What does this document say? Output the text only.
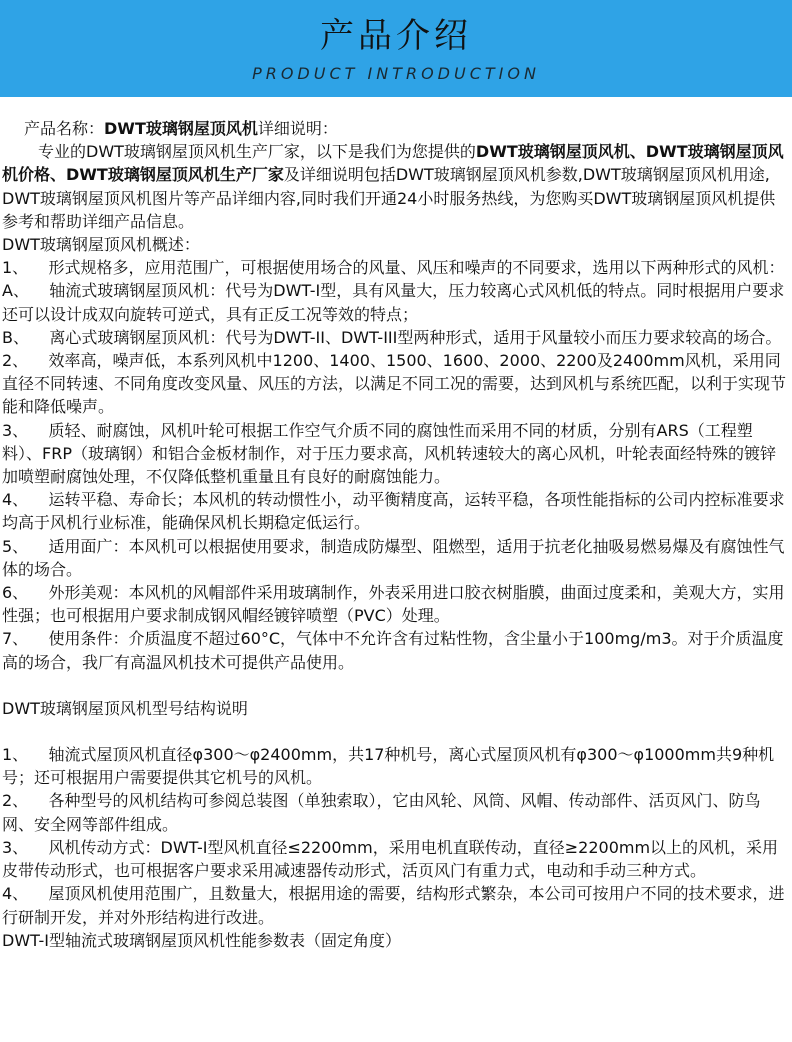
产品介绍
PRODUCT INTRODUCTION

产品名称：DWT玻璃钢屋顶风机详细说明：

专业的DWT玻璃钢屋顶风机生产厂家，以下是我们为您提供的DWT玻璃钢屋顶风机、DWT玻璃钢屋顶风机价格、DWT玻璃钢屋顶风机生产厂家及详细说明包括DWT玻璃钢屋顶风机参数,DWT玻璃钢屋顶风机用途, DWT玻璃钢屋顶风机图片等产品详细内容,同时我们开通24小时服务热线，为您购买DWT玻璃钢屋顶风机提供参考和帮助详细产品信息。

DWT玻璃钢屋顶风机概述：

1、    形式规格多，应用范围广，可根据使用场合的风量、风压和噪声的不同要求，选用以下两种形式的风机：

A、    轴流式玻璃钢屋顶风机：代号为DWT-I型，具有风量大，压力较离心式风机低的特点。同时根据用户要求还可以设计成双向旋转可逆式，具有正反工况等效的特点；

B、    离心式玻璃钢屋顶风机：代号为DWT-II、DWT-III型两种形式，适用于风量较小而压力要求较高的场合。

2、    效率高，噪声低，本系列风机中1200、1400、1500、1600、2000、2200及2400mm风机，采用同直径不同转速、不同角度改变风量、风压的方法，以满足不同工况的需要，达到风机与系统匹配，以利于实现节能和降低噪声。

3、    质轻、耐腐蚀，风机叶轮可根据工作空气介质不同的腐蚀性而采用不同的材质，分别有ARS（工程塑料）、FRP（玻璃钢）和铝合金板材制作，对于压力要求高，风机转速较大的离心风机，叶轮表面经特殊的镀锌加喷塑耐腐蚀处理，不仅降低整机重量且有良好的耐腐蚀能力。

4、    运转平稳、寿命长；本风机的转动惯性小，动平衡精度高，运转平稳，各项性能指标的公司内控标准要求均高于风机行业标准，能确保风机长期稳定低运行。

5、    适用面广：本风机可以根据使用要求，制造成防爆型、阻燃型，适用于抗老化抽吸易燃易爆及有腐蚀性气体的场合。

6、    外形美观：本风机的风帽部件采用玻璃制作，外表采用进口胶衣树脂膜，曲面过度柔和，美观大方，实用性强；也可根据用户要求制成钢风帽经镀锌喷塑（PVC）处理。

7、    使用条件：介质温度不超过60°C，气体中不允许含有过粘性物，含尘量小于100mg/m3。对于介质温度高的场合，我厂有高温风机技术可提供产品使用。

DWT玻璃钢屋顶风机型号结构说明

1、    轴流式屋顶风机直径φ300～φ2400mm，共17种机号，离心式屋顶风机有φ300～φ1000mm共9种机号；还可根据用户需要提供其它机号的风机。

2、    各种型号的风机结构可参阅总装图（单独索取），它由风轮、风筒、风帽、传动部件、活页风门、防鸟网、安全网等部件组成。

3、    风机传动方式：DWT-I型风机直径≤2200mm，采用电机直联传动，直径≥2200mm以上的风机，采用皮带传动形式，也可根据客户要求采用减速器传动形式，活页风门有重力式，电动和手动三种方式。

4、    屋顶风机使用范围广，且数量大，根据用途的需要，结构形式繁杂，本公司可按用户不同的技术要求，进行研制开发，并对外形结构进行改进。

DWT-I型轴流式玻璃钢屋顶风机性能参数表（固定角度）
